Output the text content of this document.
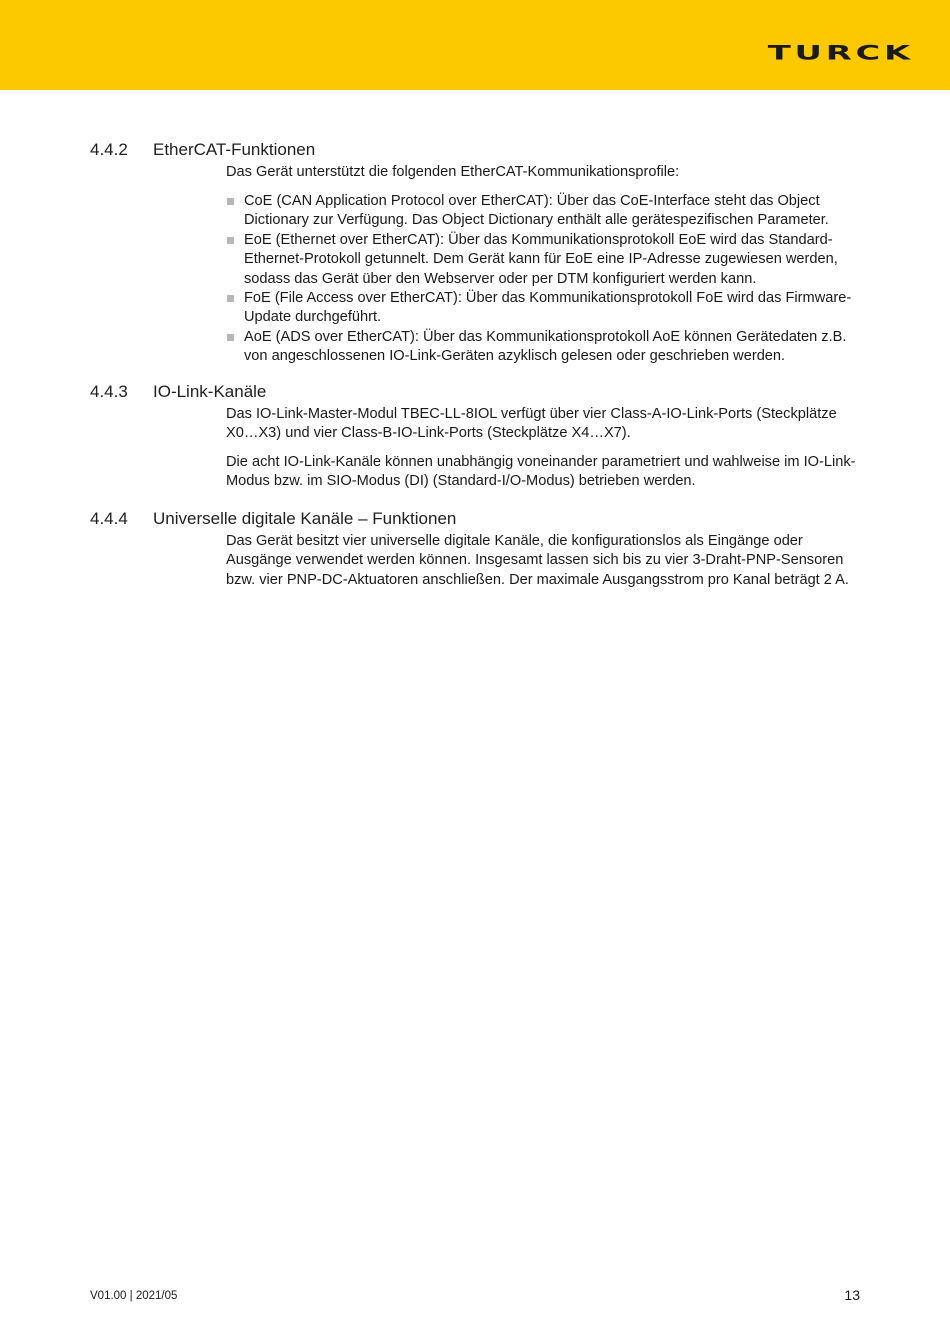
TURCK
4.4.2 EtherCAT-Funktionen

Das Gerät unterstützt die folgenden EtherCAT-Kommunikationsprofile:

CoE (CAN Application Protocol over EtherCAT): Über das CoE-Interface steht das Object Dictionary zur Verfügung. Das Object Dictionary enthält alle gerätespezifischen Parameter.
EoE (Ethernet over EtherCAT): Über das Kommunikationsprotokoll EoE wird das Standard-Ethernet-Protokoll getunnelt. Dem Gerät kann für EoE eine IP-Adresse zugewiesen werden, sodass das Gerät über den Webserver oder per DTM konfiguriert werden kann.
FoE (File Access over EtherCAT): Über das Kommunikationsprotokoll FoE wird das Firmware-Update durchgeführt.
AoE (ADS over EtherCAT): Über das Kommunikationsprotokoll AoE können Gerätedaten z.B. von angeschlossenen IO-Link-Geräten azyklisch gelesen oder geschrieben werden.
4.4.3 IO-Link-Kanäle

Das IO-Link-Master-Modul TBEC-LL-8IOL verfügt über vier Class-A-IO-Link-Ports (Steckplätze X0…X3) und vier Class-B-IO-Link-Ports (Steckplätze X4…X7).

Die acht IO-Link-Kanäle können unabhängig voneinander parametriert und wahlweise im IO-Link-Modus bzw. im SIO-Modus (DI) (Standard-I/O-Modus) betrieben werden.

4.4.4 Universelle digitale Kanäle – Funktionen

Das Gerät besitzt vier universelle digitale Kanäle, die konfigurationslos als Eingänge oder Ausgänge verwendet werden können. Insgesamt lassen sich bis zu vier 3-Draht-PNP-Sensoren bzw. vier PNP-DC-Aktuatoren anschließen. Der maximale Ausgangsstrom pro Kanal beträgt 2 A.

V01.00 | 2021/05	13
